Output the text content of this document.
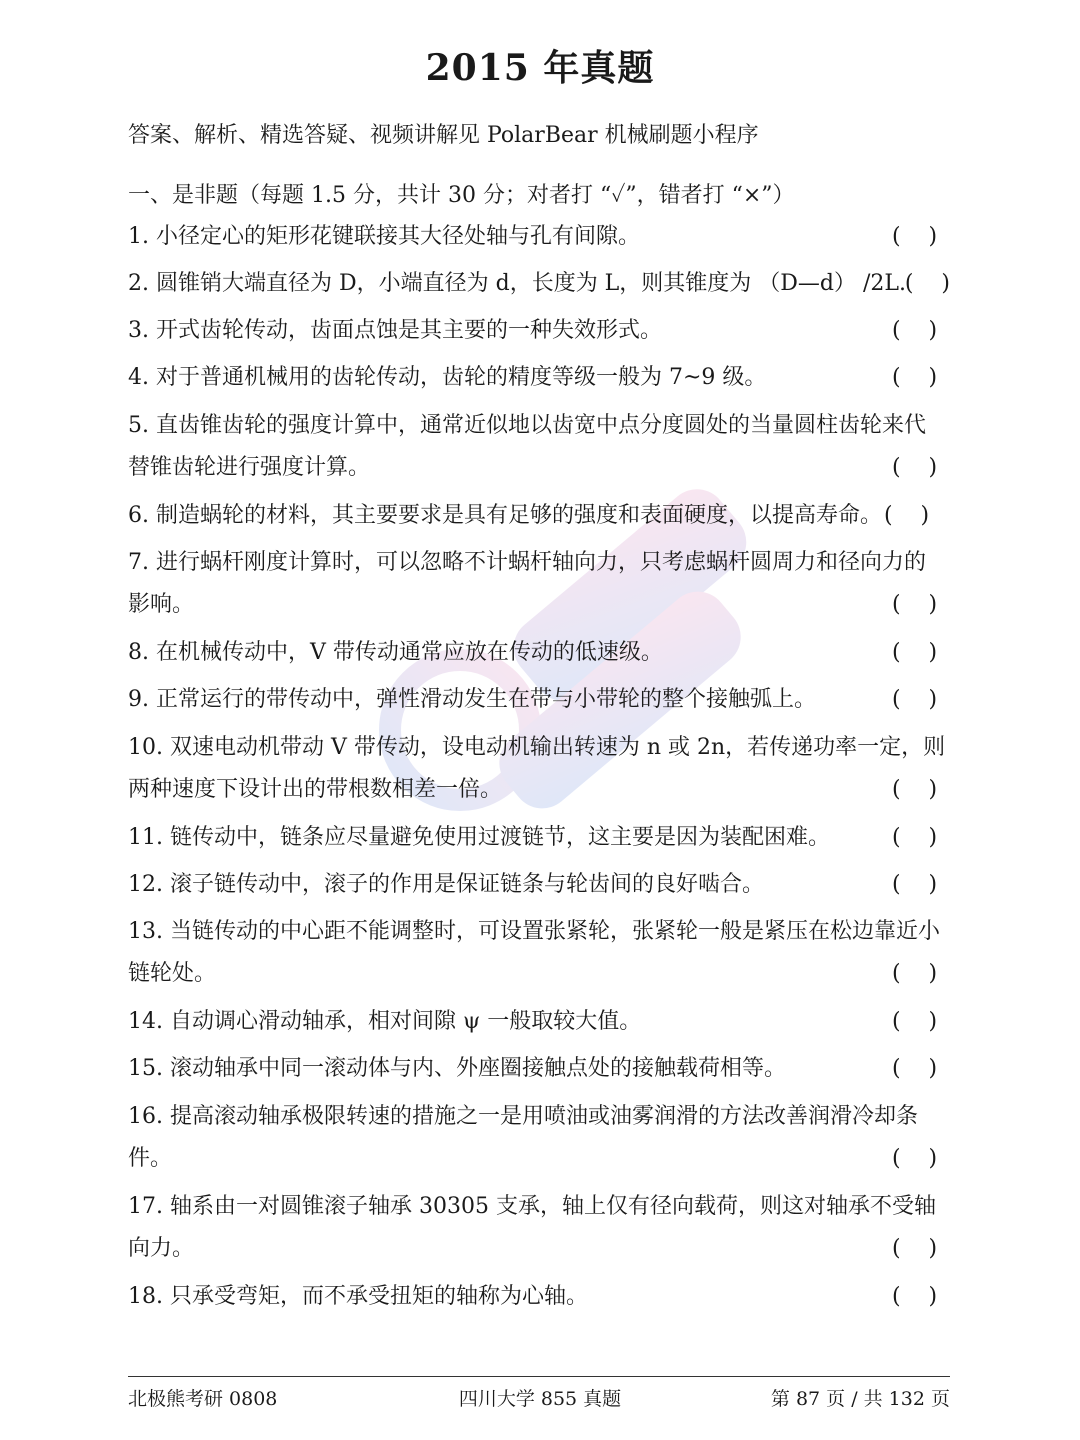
2015 年真题
答案、解析、精选答疑、视频讲解见 PolarBear 机械刷题小程序
一、是非题（每题 1.5 分，共计 30 分；对者打 “✓”，错者打 “×”）
1. 小径定心的矩形花键联接其大径处轴与孔有间隙。	(    )
2. 圆锥销大端直径为 D，小端直径为 d，长度为 L，则其锥度为 （D—d） /2L.
(    )
3. 开式齿轮传动，齿面点蚀是其主要的一种失效形式。	(    )
4. 对于普通机械用的齿轮传动，齿轮的精度等级一般为 7~9 级。	(    )
5. 直齿锥齿轮的强度计算中，通常近似地以齿宽中点分度圆处的当量圆柱齿轮来代
替锥齿轮进行强度计算。	(    )
6. 制造蜗轮的材料，其主要要求是具有足够的强度和表面硬度，以提高寿命。 (    )
7. 进行蜗杆刚度计算时，可以忽略不计蜗杆轴向力，只考虑蜗杆圆周力和径向力的
影响。	(    )
8. 在机械传动中，V 带传动通常应放在传动的低速级。	(    )
9. 正常运行的带传动中，弹性滑动发生在带与小带轮的整个接触弧上。	(    )
10. 双速电动机带动 V 带传动，设电动机输出转速为 n 或 2n，若传递功率一定，则
两种速度下设计出的带根数相差一倍。	(    )
11. 链传动中，链条应尽量避免使用过渡链节，这主要是因为装配困难。	(    )
12. 滚子链传动中，滚子的作用是保证链条与轮齿间的良好啮合。	(    )
13. 当链传动的中心距不能调整时，可设置张紧轮，张紧轮一般是紧压在松边靠近小
链轮处。	(    )
14. 自动调心滑动轴承，相对间隙 ψ 一般取较大值。	(    )
15. 滚动轴承中同一滚动体与内、外座圈接触点处的接触载荷相等。	(    )
16. 提高滚动轴承极限转速的措施之一是用喷油或油雾润滑的方法改善润滑冷却条
件。	(    )
17. 轴系由一对圆锥滚子轴承 30305 支承，轴上仅有径向载荷，则这对轴承不受轴
向力。	(    )
18. 只承受弯矩，而不承受扭矩的轴称为心轴。	(    )
北极熊考研 0808	四川大学 855 真题	第 87 页 / 共 132 页
